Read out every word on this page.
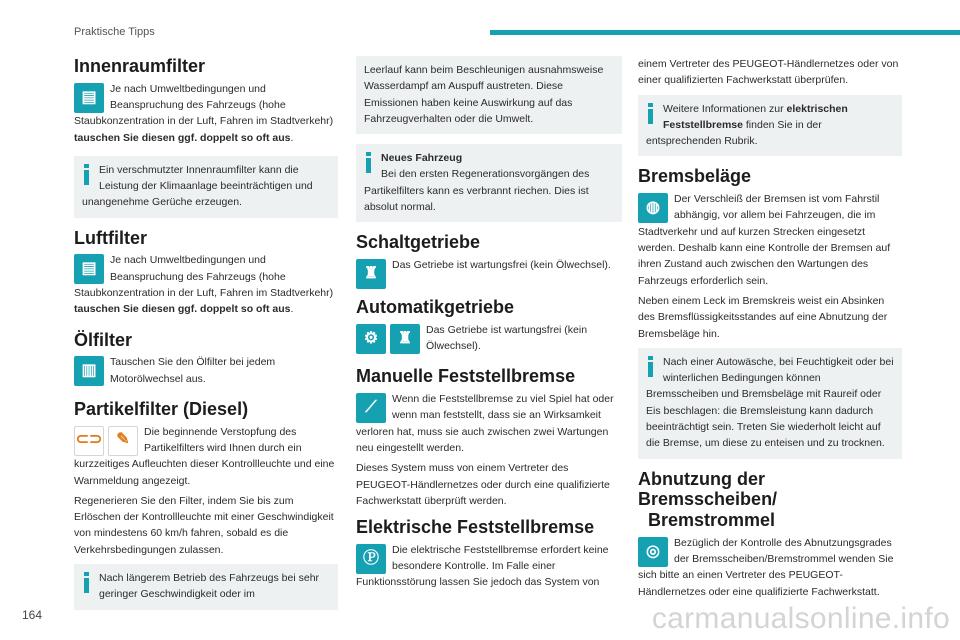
Praktische Tipps
Innenraumfilter
▤	Je nach Umweltbedingungen und Beanspruchung des Fahrzeugs (hohe Staubkonzentration in der Luft, Fahren im Stadtverkehr) tauschen Sie diesen ggf. doppelt so oft aus.
Ein verschmutzter Innenraumfilter kann die Leistung der Klimaanlage beeinträchtigen und unangenehme Gerüche erzeugen.
Luftfilter
▤	Je nach Umweltbedingungen und Beanspruchung des Fahrzeugs (hohe Staubkonzentration in der Luft, Fahren im Stadtverkehr) tauschen Sie diesen ggf. doppelt so oft aus.
Ölfilter
▥	Tauschen Sie den Ölfilter bei jedem Motorölwechsel aus.
Partikelfilter (Diesel)
⊂⊃ ✎	Die beginnende Verstopfung des Partikelfilters wird Ihnen durch ein kurzzeitiges Aufleuchten dieser Kontrollleuchte und eine Warnmeldung angezeigt.
Regenerieren Sie den Filter, indem Sie bis zum Erlöschen der Kontrollleuchte mit einer Geschwindigkeit von mindestens 60 km/h fahren, sobald es die Verkehrsbedingungen zulassen.
Nach längerem Betrieb des Fahrzeugs bei sehr geringer Geschwindigkeit oder im
Leerlauf kann beim Beschleunigen ausnahmsweise Wasserdampf am Auspuff austreten. Diese Emissionen haben keine Auswirkung auf das Fahrzeugverhalten oder die Umwelt.
Neues Fahrzeug
Bei den ersten Regenerationsvorgängen des Partikelfilters kann es verbrannt riechen. Dies ist absolut normal.
Schaltgetriebe
♜	Das Getriebe ist wartungsfrei (kein Ölwechsel).
Automatikgetriebe
⚙	♜	Das Getriebe ist wartungsfrei (kein Ölwechsel).
Manuelle Feststellbremse
⟋	Wenn die Feststellbremse zu viel Spiel hat oder wenn man feststellt, dass sie an Wirksamkeit verloren hat, muss sie auch zwischen zwei Wartungen neu eingestellt werden.
Dieses System muss von einem Vertreter des PEUGEOT-Händlernetzes oder durch eine qualifizierte Fachwerkstatt überprüft werden.
Elektrische Feststellbremse
Ⓟ	Die elektrische Feststellbremse erfordert keine besondere Kontrolle. Im Falle einer Funktionsstörung lassen Sie jedoch das System von
einem Vertreter des PEUGEOT-Händlernetzes oder von einer qualifizierten Fachwerkstatt überprüfen.
Weitere Informationen zur elektrischen Feststellbremse finden Sie in der entsprechenden Rubrik.
Bremsbeläge
◍	Der Verschleiß der Bremsen ist vom Fahrstil abhängig, vor allem bei Fahrzeugen, die im Stadtverkehr und auf kurzen Strecken eingesetzt werden. Deshalb kann eine Kontrolle der Bremsen auf ihren Zustand auch zwischen den Wartungen des Fahrzeugs erforderlich sein.
Neben einem Leck im Bremskreis weist ein Absinken des Bremsflüssigkeitsstandes auf eine Abnutzung der Bremsbeläge hin.
Nach einer Autowäsche, bei Feuchtigkeit oder bei winterlichen Bedingungen können Bremsscheiben und Bremsbeläge mit Raureif oder Eis beschlagen: die Bremsleistung kann dadurch beeinträchtigt sein. Treten Sie wiederholt leicht auf die Bremse, um diese zu enteisen und zu trocknen.
Abnutzung der Bremsscheiben/
Bremstrommel
◎	Bezüglich der Kontrolle des Abnutzungsgrades der Bremsscheiben/Bremstrommel wenden Sie sich bitte an einen Vertreter des PEUGEOT-Händlernetzes oder eine qualifizierte Fachwerkstatt.
164	carmanualsonline.info
